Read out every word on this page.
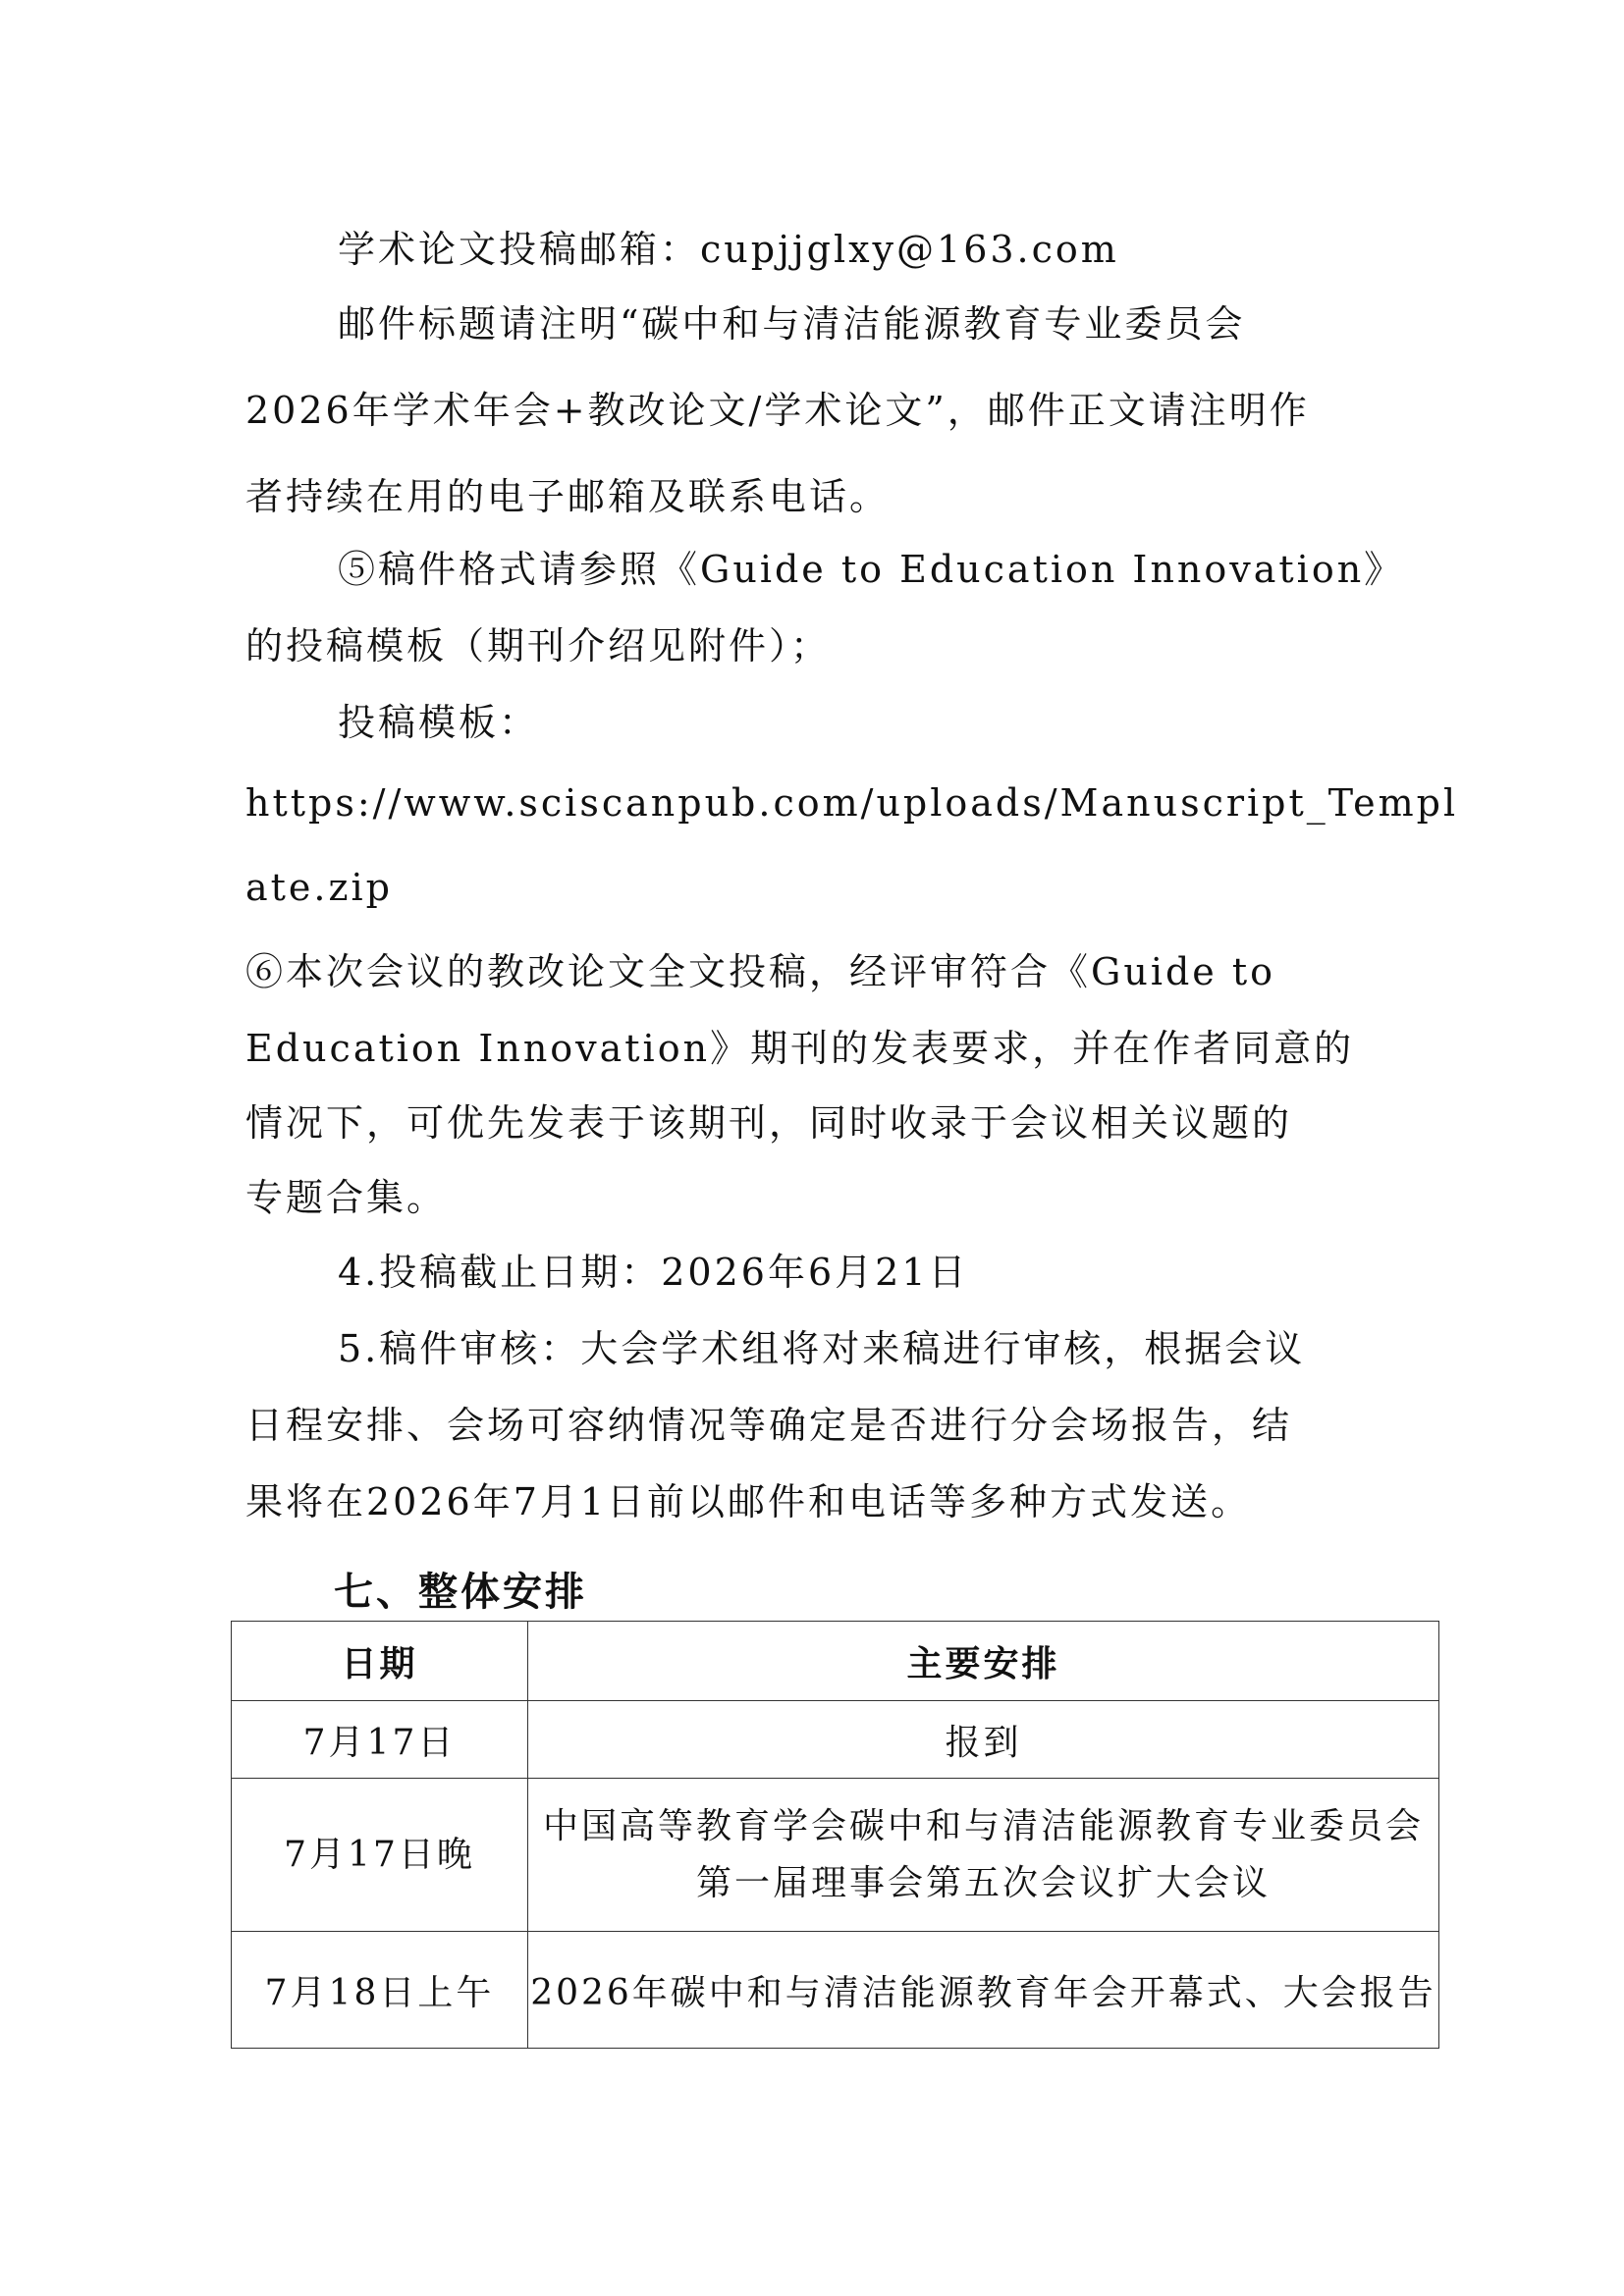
学术论文投稿邮箱：cupjjglxy@163.com
邮件标题请注明“碳中和与清洁能源教育专业委员会
2026年学术年会+教改论文/学术论文”，邮件正文请注明作
者持续在用的电子邮箱及联系电话。
⑤稿件格式请参照《Guide to Education Innovation》
的投稿模板（期刊介绍见附件）；
投稿模板：
https://www.sciscanpub.com/uploads/Manuscript_Templ
ate.zip
⑥本次会议的教改论文全文投稿，经评审符合《Guide to
Education Innovation》期刊的发表要求，并在作者同意的
情况下，可优先发表于该期刊，同时收录于会议相关议题的
专题合集。
4.投稿截止日期：2026年6月21日
5.稿件审核：大会学术组将对来稿进行审核，根据会议
日程安排、会场可容纳情况等确定是否进行分会场报告，结
果将在2026年7月1日前以邮件和电话等多种方式发送。
七、整体安排
日期	主要安排
7月17日	报到
7月17日晚	中国高等教育学会碳中和与清洁能源教育专业委员会
第一届理事会第五次会议扩大会议

7月18日上午	2026年碳中和与清洁能源教育年会开幕式、大会报告
